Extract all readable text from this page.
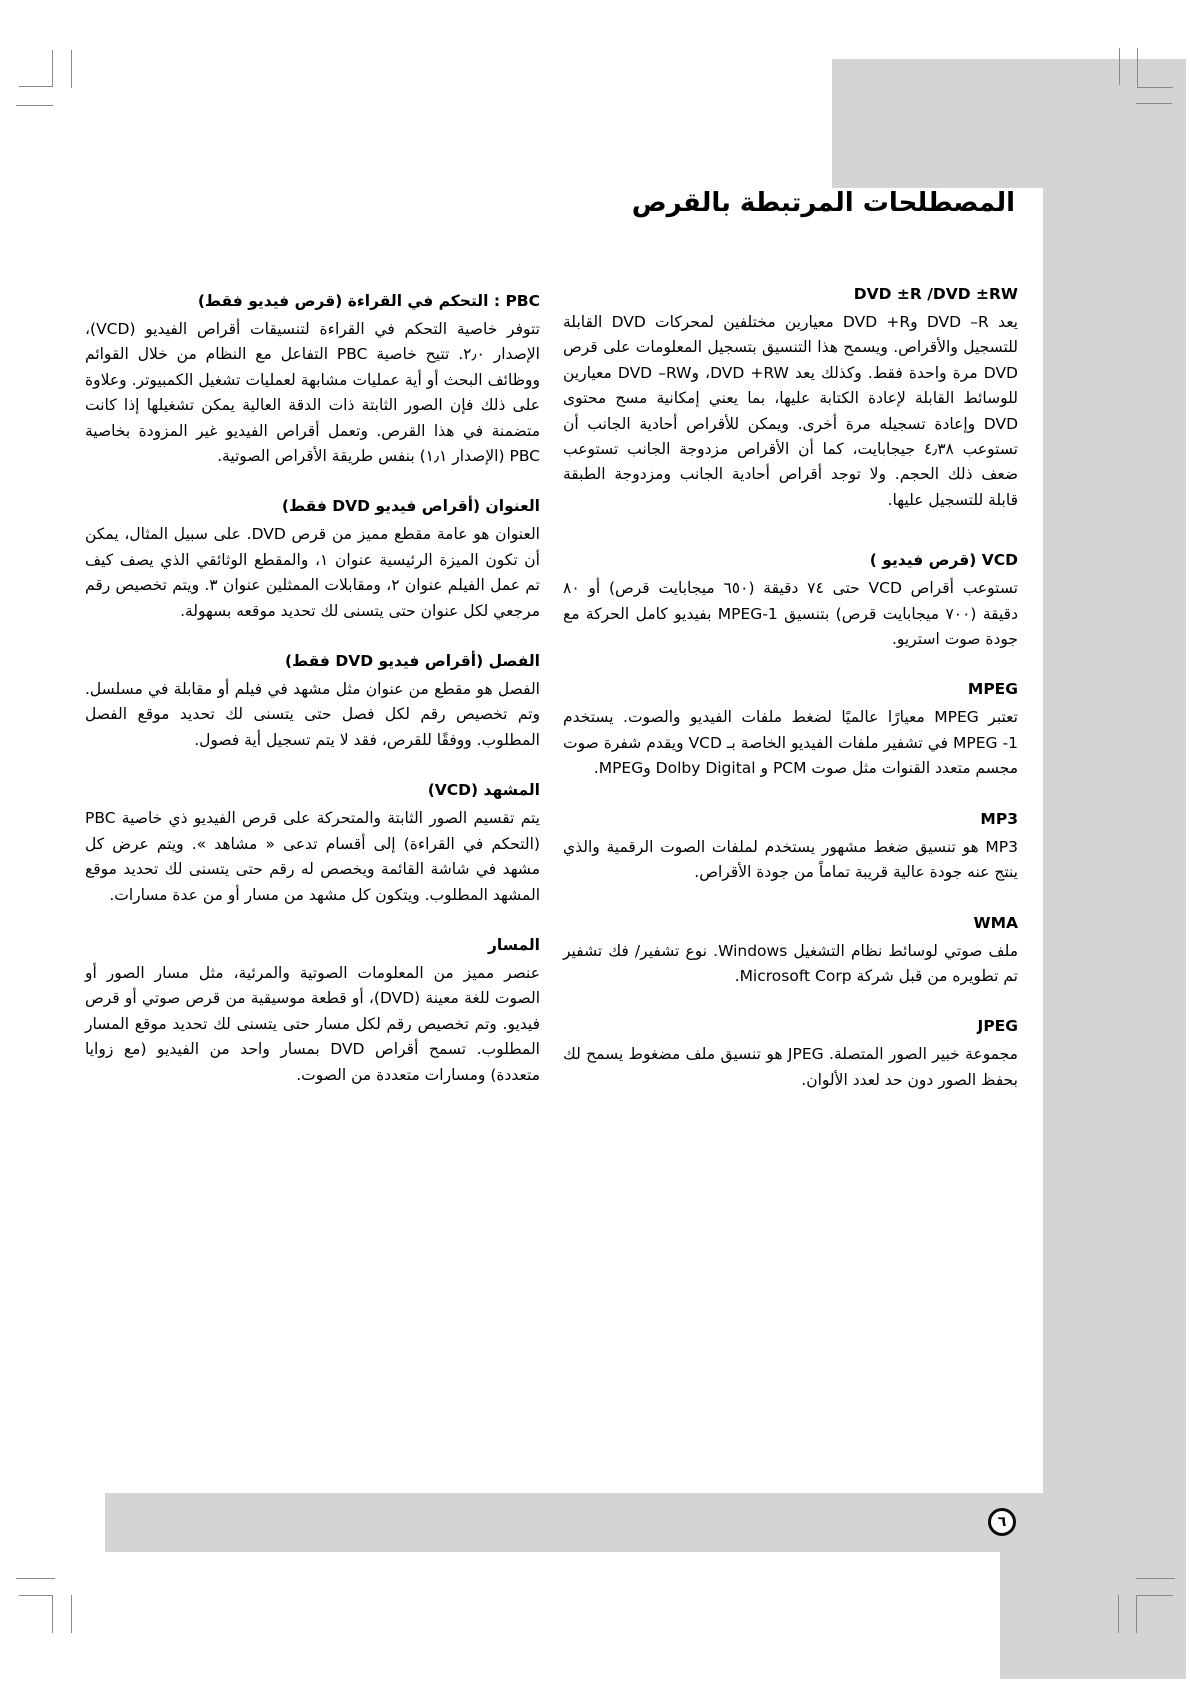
المصطلحات المرتبطة بالقرص
DVD ±R /DVD ±RW

يعد DVD –R وDVD +R معيارين مختلفين لمحركات DVD القابلة للتسجيل والأقراص. ويسمح هذا التنسيق بتسجيل المعلومات على قرص DVD مرة واحدة فقط. وكذلك يعد DVD +RW، وDVD –RW معيارين للوسائط القابلة لإعادة الكتابة عليها، بما يعني إمكانية مسح محتوى DVD وإعادة تسجيله مرة أخرى. ويمكن للأقراص أحادية الجانب أن تستوعب ٤٫٣٨ جيجابايت، كما أن الأقراص مزدوجة الجانب تستوعب ضعف ذلك الحجم. ولا توجد أقراص أحادية الجانب ومزدوجة الطبقة قابلة للتسجيل عليها.

VCD (قرص فيديو )

تستوعب أقراص VCD حتى ٧٤ دقيقة (٦٥٠ ميجابايت قرص) أو ٨٠ دقيقة (٧٠٠ ميجابايت قرص) بتنسيق MPEG-1 بفيديو كامل الحركة مع جودة صوت استريو.

MPEG

تعتبر MPEG معيارًا عالميًا لضغط ملفات الفيديو والصوت. يستخدم MPEG -1 في تشفير ملفات الفيديو الخاصة بـ VCD ويقدم شفرة صوت مجسم متعدد القنوات مثل صوت PCM و Dolby Digital وMPEG.

MP3

MP3 هو تنسيق ضغط مشهور يستخدم لملفات الصوت الرقمية والذي ينتج عنه جودة عالية قريبة تماماً من جودة الأقراص.

WMA

ملف صوتي لوسائط نظام التشغيل Windows. نوع تشفير/ فك تشفير تم تطويره من قبل شركة Microsoft Corp.

JPEG

مجموعة خبير الصور المتصلة. JPEG هو تنسيق ملف مضغوط يسمح لك بحفظ الصور دون حد لعدد الألوان.

PBC : التحكم في القراءة (قرص فيديو فقط)

تتوفر خاصية التحكم في القراءة لتنسيقات أقراص الفيديو (VCD)، الإصدار ٢٫٠. تتيح خاصية PBC التفاعل مع النظام من خلال القوائم ووظائف البحث أو أية عمليات مشابهة لعمليات تشغيل الكمبيوتر. وعلاوة على ذلك فإن الصور الثابتة ذات الدقة العالية يمكن تشغيلها إذا كانت متضمنة في هذا القرص. وتعمل أقراص الفيديو غير المزودة بخاصية PBC (الإصدار ١٫١) بنفس طريقة الأقراص الصوتية.

العنوان (أقراص فيديو DVD فقط)

العنوان هو عامة مقطع مميز من قرص DVD. على سبيل المثال، يمكن أن تكون الميزة الرئيسية عنوان ١، والمقطع الوثائقي الذي يصف كيف تم عمل الفيلم عنوان ٢، ومقابلات الممثلين عنوان ٣. ويتم تخصيص رقم مرجعي لكل عنوان حتى يتسنى لك تحديد موقعه بسهولة.

الفصل (أقراص فيديو DVD فقط)

الفصل هو مقطع من عنوان مثل مشهد في فيلم أو مقابلة في مسلسل. وتم تخصيص رقم لكل فصل حتى يتسنى لك تحديد موقع الفصل المطلوب. ووفقًا للقرص، فقد لا يتم تسجيل أية فصول.

المشهد (VCD)

يتم تقسيم الصور الثابتة والمتحركة على قرص الفيديو ذي خاصية PBC (التحكم في القراءة) إلى أقسام تدعى « مشاهد ». ويتم عرض كل مشهد في شاشة القائمة ويخصص له رقم حتى يتسنى لك تحديد موقع المشهد المطلوب. ويتكون كل مشهد من مسار أو من عدة مسارات.

المسار

عنصر مميز من المعلومات الصوتية والمرئية، مثل مسار الصور أو الصوت للغة معينة (DVD)، أو قطعة موسيقية من قرص صوتي أو قرص فيديو. وتم تخصيص رقم لكل مسار حتى يتسنى لك تحديد موقع المسار المطلوب. تسمح أقراص DVD بمسار واحد من الفيديو (مع زوايا متعددة) ومسارات متعددة من الصوت.

٦
